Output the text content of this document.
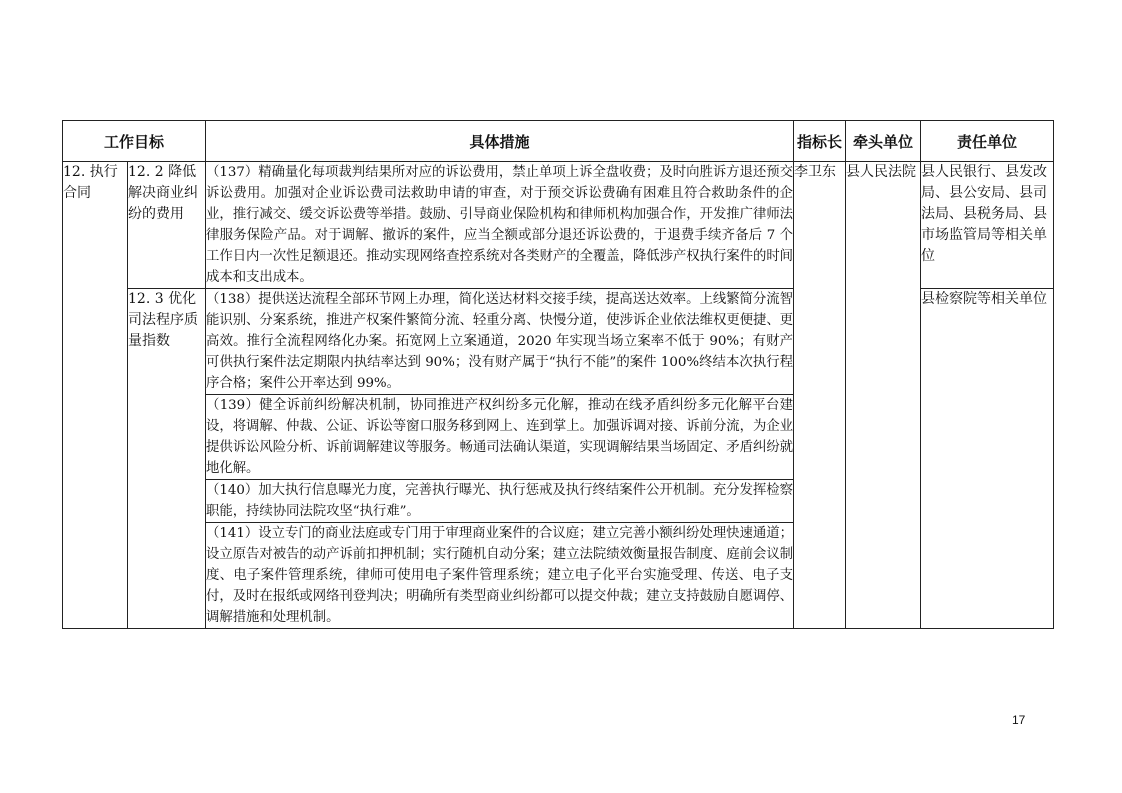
工作目标		具体措施	指标长	牵头单位	责任单位
12. 执行合同	12. 2 降低解决商业纠纷的费用	（137）精确量化每项裁判结果所对应的诉讼费用，禁止单项上诉全盘收费；及时向胜诉方退还预交诉讼费用。加强对企业诉讼费司法救助申请的审查，对于预交诉讼费确有困难且符合救助条件的企业，推行减交、缓交诉讼费等举措。鼓励、引导商业保险机构和律师机构加强合作，开发推广律师法律服务保险产品。对于调解、撤诉的案件，应当全额或部分退还诉讼费的，于退费手续齐备后 7 个工作日内一次性足额退还。推动实现网络查控系统对各类财产的全覆盖，降低涉产权执行案件的时间成本和支出成本。	李卫东	县人民法院	县人民银行、县发改局、县公安局、县司法局、县税务局、县市场监管局等相关单位
	12. 3 优化司法程序质量指数	（138）提供送达流程全部环节网上办理，简化送达材料交接手续，提高送达效率。上线繁简分流智能识别、分案系统，推进产权案件繁简分流、轻重分离、快慢分道，使涉诉企业依法维权更便捷、更高效。推行全流程网络化办案。拓宽网上立案通道，2020 年实现当场立案率不低于 90%；有财产可供执行案件法定期限内执结率达到 90%；没有财产属于“执行不能”的案件 100%终结本次执行程序合格；案件公开率达到 99%。			县检察院等相关单位
		（139）健全诉前纠纷解决机制，协同推进产权纠纷多元化解，推动在线矛盾纠纷多元化解平台建设，将调解、仲裁、公证、诉讼等窗口服务移到网上、连到掌上。加强诉调对接、诉前分流，为企业提供诉讼风险分析、诉前调解建议等服务。畅通司法确认渠道，实现调解结果当场固定、矛盾纠纷就地化解。			
		（140）加大执行信息曝光力度，完善执行曝光、执行惩戒及执行终结案件公开机制。充分发挥检察职能，持续协同法院攻坚“执行难”。			
		（141）设立专门的商业法庭或专门用于审理商业案件的合议庭；建立完善小额纠纷处理快速通道；设立原告对被告的动产诉前扣押机制；实行随机自动分案；建立法院绩效衡量报告制度、庭前会议制度、电子案件管理系统，律师可使用电子案件管理系统；建立电子化平台实施受理、传送、电子支付，及时在报纸或网络刊登判决；明确所有类型商业纠纷都可以提交仲裁；建立支持鼓励自愿调停、调解措施和处理机制。			
17
